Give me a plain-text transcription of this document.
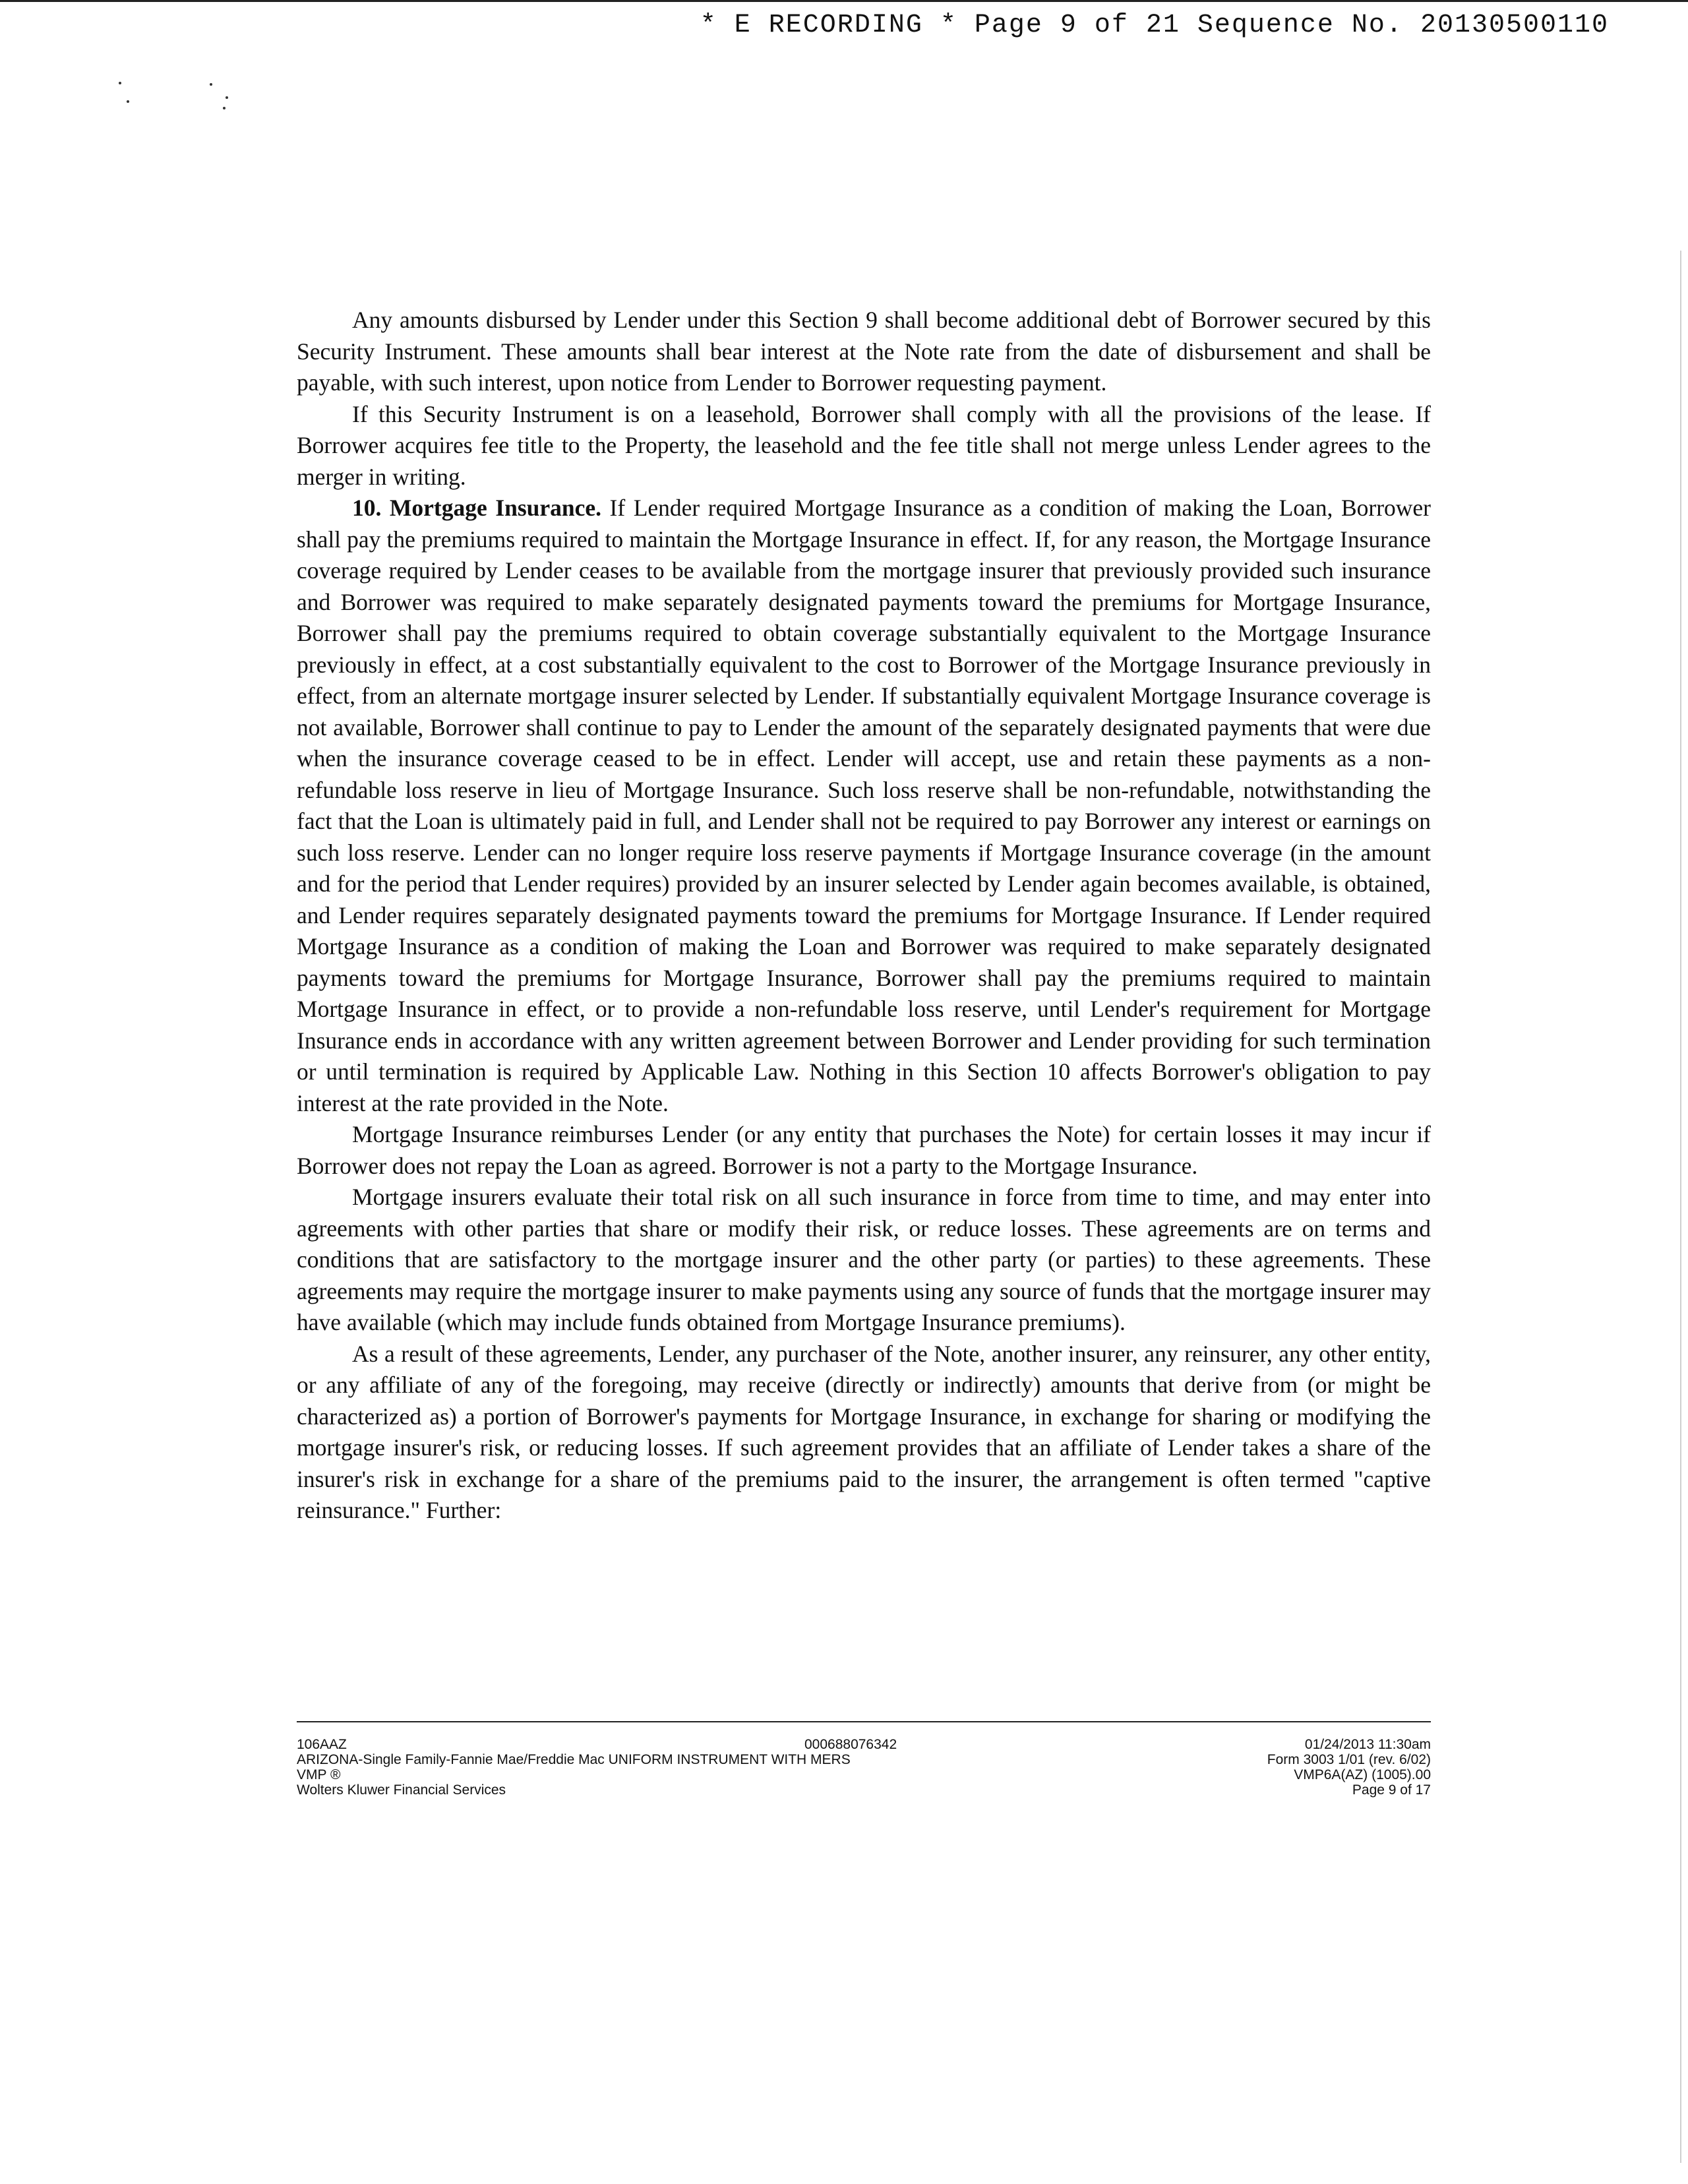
* E RECORDING * Page 9 of 21 Sequence No. 20130500110

Any amounts disbursed by Lender under this Section 9 shall become additional debt of Borrower secured by this Security Instrument. These amounts shall bear interest at the Note rate from the date of disbursement and shall be payable, with such interest, upon notice from Lender to Borrower requesting payment.

If this Security Instrument is on a leasehold, Borrower shall comply with all the provisions of the lease. If Borrower acquires fee title to the Property, the leasehold and the fee title shall not merge unless Lender agrees to the merger in writing.

10. Mortgage Insurance. If Lender required Mortgage Insurance as a condition of making the Loan, Borrower shall pay the premiums required to maintain the Mortgage Insurance in effect. If, for any reason, the Mortgage Insurance coverage required by Lender ceases to be available from the mortgage insurer that previously provided such insurance and Borrower was required to make separately designated payments toward the premiums for Mortgage Insurance, Borrower shall pay the premiums required to obtain coverage substantially equivalent to the Mortgage Insurance previously in effect, at a cost substantially equivalent to the cost to Borrower of the Mortgage Insurance previously in effect, from an alternate mortgage insurer selected by Lender. If substantially equivalent Mortgage Insurance coverage is not available, Borrower shall continue to pay to Lender the amount of the separately designated payments that were due when the insurance coverage ceased to be in effect. Lender will accept, use and retain these payments as a non-refundable loss reserve in lieu of Mortgage Insurance. Such loss reserve shall be non-refundable, notwithstanding the fact that the Loan is ultimately paid in full, and Lender shall not be required to pay Borrower any interest or earnings on such loss reserve. Lender can no longer require loss reserve payments if Mortgage Insurance coverage (in the amount and for the period that Lender requires) provided by an insurer selected by Lender again becomes available, is obtained, and Lender requires separately designated payments toward the premiums for Mortgage Insurance. If Lender required Mortgage Insurance as a condition of making the Loan and Borrower was required to make separately designated payments toward the premiums for Mortgage Insurance, Borrower shall pay the premiums required to maintain Mortgage Insurance in effect, or to provide a non-refundable loss reserve, until Lender's requirement for Mortgage Insurance ends in accordance with any written agreement between Borrower and Lender providing for such termination or until termination is required by Applicable Law. Nothing in this Section 10 affects Borrower's obligation to pay interest at the rate provided in the Note.

Mortgage Insurance reimburses Lender (or any entity that purchases the Note) for certain losses it may incur if Borrower does not repay the Loan as agreed. Borrower is not a party to the Mortgage Insurance.

Mortgage insurers evaluate their total risk on all such insurance in force from time to time, and may enter into agreements with other parties that share or modify their risk, or reduce losses. These agreements are on terms and conditions that are satisfactory to the mortgage insurer and the other party (or parties) to these agreements. These agreements may require the mortgage insurer to make payments using any source of funds that the mortgage insurer may have available (which may include funds obtained from Mortgage Insurance premiums).

As a result of these agreements, Lender, any purchaser of the Note, another insurer, any reinsurer, any other entity, or any affiliate of any of the foregoing, may receive (directly or indirectly) amounts that derive from (or might be characterized as) a portion of Borrower's payments for Mortgage Insurance, in exchange for sharing or modifying the mortgage insurer's risk, or reducing losses. If such agreement provides that an affiliate of Lender takes a share of the insurer's risk in exchange for a share of the premiums paid to the insurer, the arrangement is often termed "captive reinsurance." Further:

106AAZ
ARIZONA-Single Family-Fannie Mae/Freddie Mac UNIFORM INSTRUMENT WITH MERS
VMP ®
Wolters Kluwer Financial Services
000688076342	01/24/2013 11:30am
Form 3003 1/01 (rev. 6/02)
VMP6A(AZ) (1005).00
Page 9 of 17
